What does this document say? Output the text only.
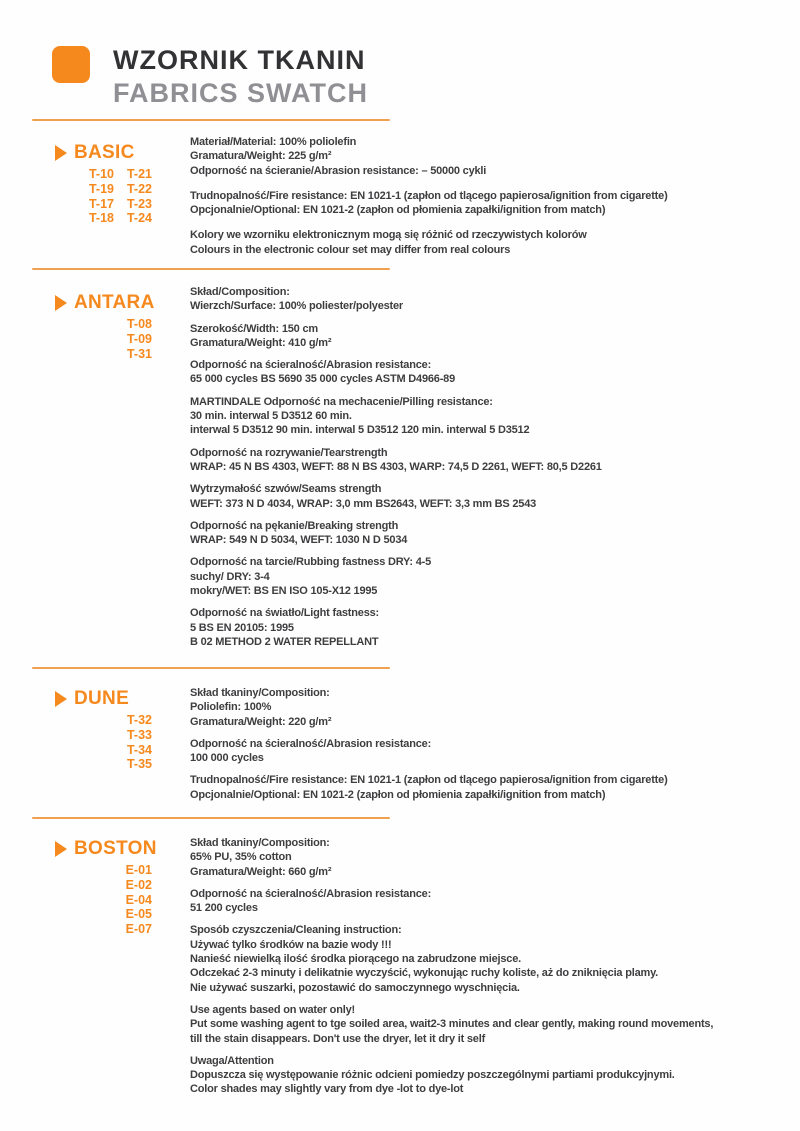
WZORNIK TKANIN
FABRICS SWATCH
BASIC
T-10 T-21
T-19 T-22
T-17 T-23
T-18 T-24
Materiał/Material: 100% poliolefin
Gramatura/Weight: 225 g/m²
Odporność na ścieranie/Abrasion resistance: – 50000 cykli
Trudnopalność/Fire resistance: EN 1021-1 (zapłon od tlącego papierosa/ignition from cigarette)
Opcjonalnie/Optional: EN 1021-2 (zapłon od płomienia zapałki/ignition from match)
Kolory we wzorniku elektronicznym mogą się różnić od rzeczywistych kolorów
Colours in the electronic colour set may differ from real colours
ANTARA
T-08
T-09
T-31
Skład/Composition:
Wierzch/Surface: 100% poliester/polyester
Szerokość/Width: 150 cm
Gramatura/Weight: 410 g/m²
Odporność na ścieralność/Abrasion resistance:
65 000 cycles BS 5690 35 000 cycles ASTM D4966-89
MARTINDALE Odporność na mechacenie/Pilling resistance:
30 min. interwal 5 D3512 60 min.
interwal 5 D3512 90 min. interwal 5 D3512 120 min. interwal 5 D3512
Odporność na rozrywanie/Tearstrength
WRAP: 45 N BS 4303, WEFT: 88 N BS 4303, WARP: 74,5 D 2261, WEFT: 80,5 D2261
Wytrzymałość szwów/Seams strength
WEFT: 373 N D 4034, WRAP: 3,0 mm BS2643, WEFT: 3,3 mm BS 2543
Odporność na pękanie/Breaking strength
WRAP: 549 N D 5034, WEFT: 1030 N D 5034
Odporność na tarcie/Rubbing fastness DRY: 4-5
suchy/ DRY: 3-4
mokry/WET: BS EN ISO 105-X12 1995
Odporność na światło/Light fastness:
5 BS EN 20105: 1995
B 02 METHOD 2 WATER REPELLANT
DUNE
T-32
T-33
T-34
T-35
Skład tkaniny/Composition:
Poliolefin: 100%
Gramatura/Weight: 220 g/m²
Odporność na ścieralność/Abrasion resistance:
100 000 cycles
Trudnopalność/Fire resistance: EN 1021-1 (zapłon od tlącego papierosa/ignition from cigarette)
Opcjonalnie/Optional: EN 1021-2 (zapłon od płomienia zapałki/ignition from match)
BOSTON
E-01
E-02
E-04
E-05
E-07
Skład tkaniny/Composition:
65% PU, 35% cotton
Gramatura/Weight: 660 g/m²
Odporność na ścieralność/Abrasion resistance:
51 200 cycles
Sposób czyszczenia/Cleaning instruction:
Używać tylko środków na bazie wody !!!
Nanieść niewielką ilość środka piorącego na zabrudzone miejsce.
Odczekać 2-3 minuty i delikatnie wyczyścić, wykonując ruchy koliste, aż do zniknięcia plamy.
Nie używać suszarki, pozostawić do samoczynnego wyschnięcia.
Use agents based on water only!
Put some washing agent to tge soiled area, wait2-3 minutes and clear gently, making round movements,
till the stain disappears. Don't use the dryer, let it dry it self
Uwaga/Attention
Dopuszcza się występowanie różnic odcieni pomiedzy poszczególnymi partiami produkcyjnymi.
Color shades may slightly vary from dye -lot to dye-lot
